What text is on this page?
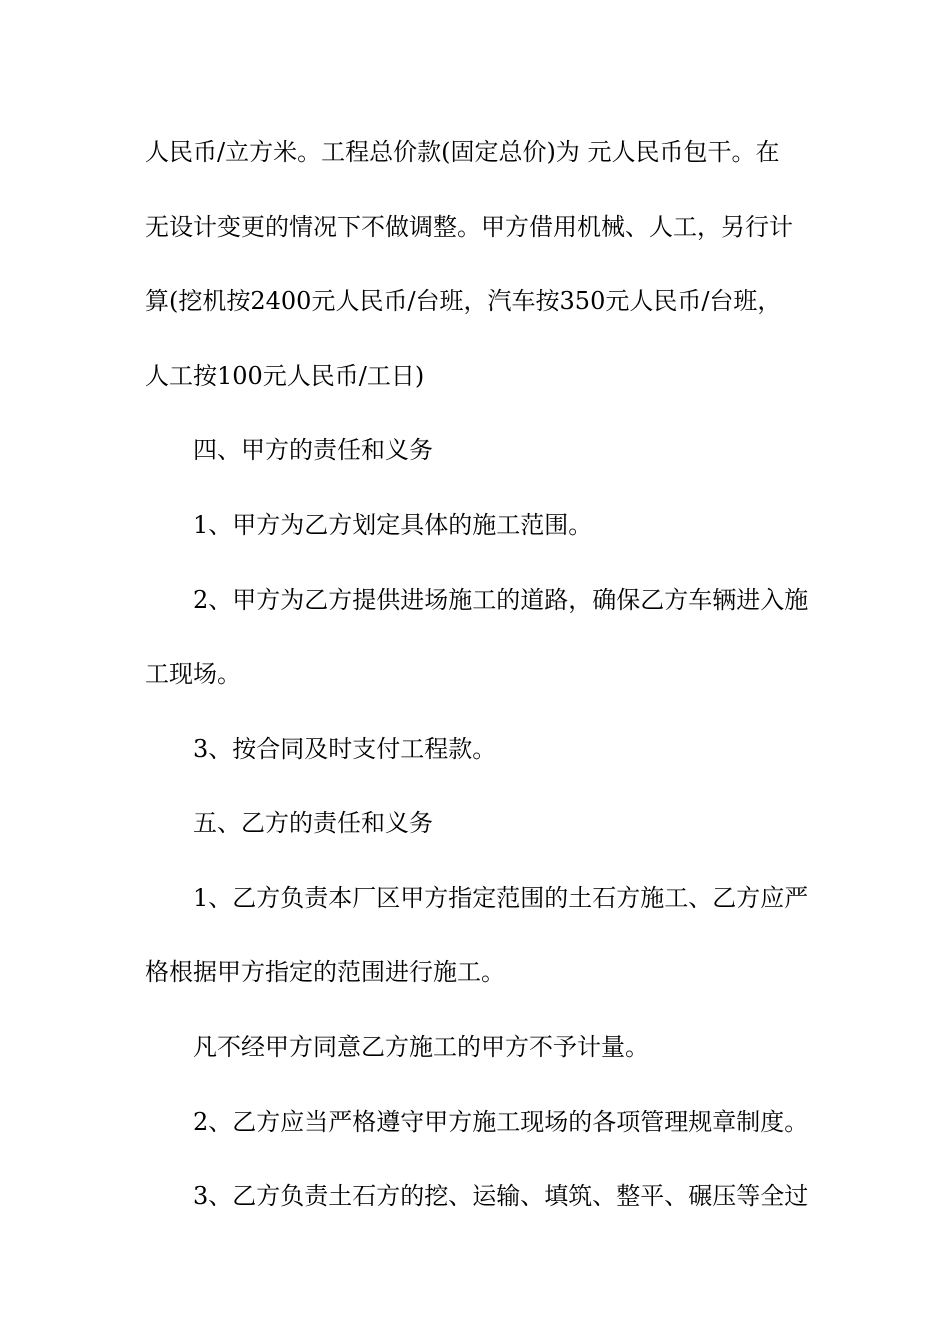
人民币/立方米。工程总价款(固定总价)为 元人民币包干。在
无设计变更的情况下不做调整。甲方借用机械、人工，另行计
算(挖机按2400元人民币/台班，汽车按350元人民币/台班，
人工按100元人民币/工日)
四、甲方的责任和义务
1、甲方为乙方划定具体的施工范围。
2、甲方为乙方提供进场施工的道路，确保乙方车辆进入施
工现场。
3、按合同及时支付工程款。
五、乙方的责任和义务
1、乙方负责本厂区甲方指定范围的土石方施工、乙方应严
格根据甲方指定的范围进行施工。
凡不经甲方同意乙方施工的甲方不予计量。
2、乙方应当严格遵守甲方施工现场的各项管理规章制度。
3、乙方负责土石方的挖、运输、填筑、整平、碾压等全过
